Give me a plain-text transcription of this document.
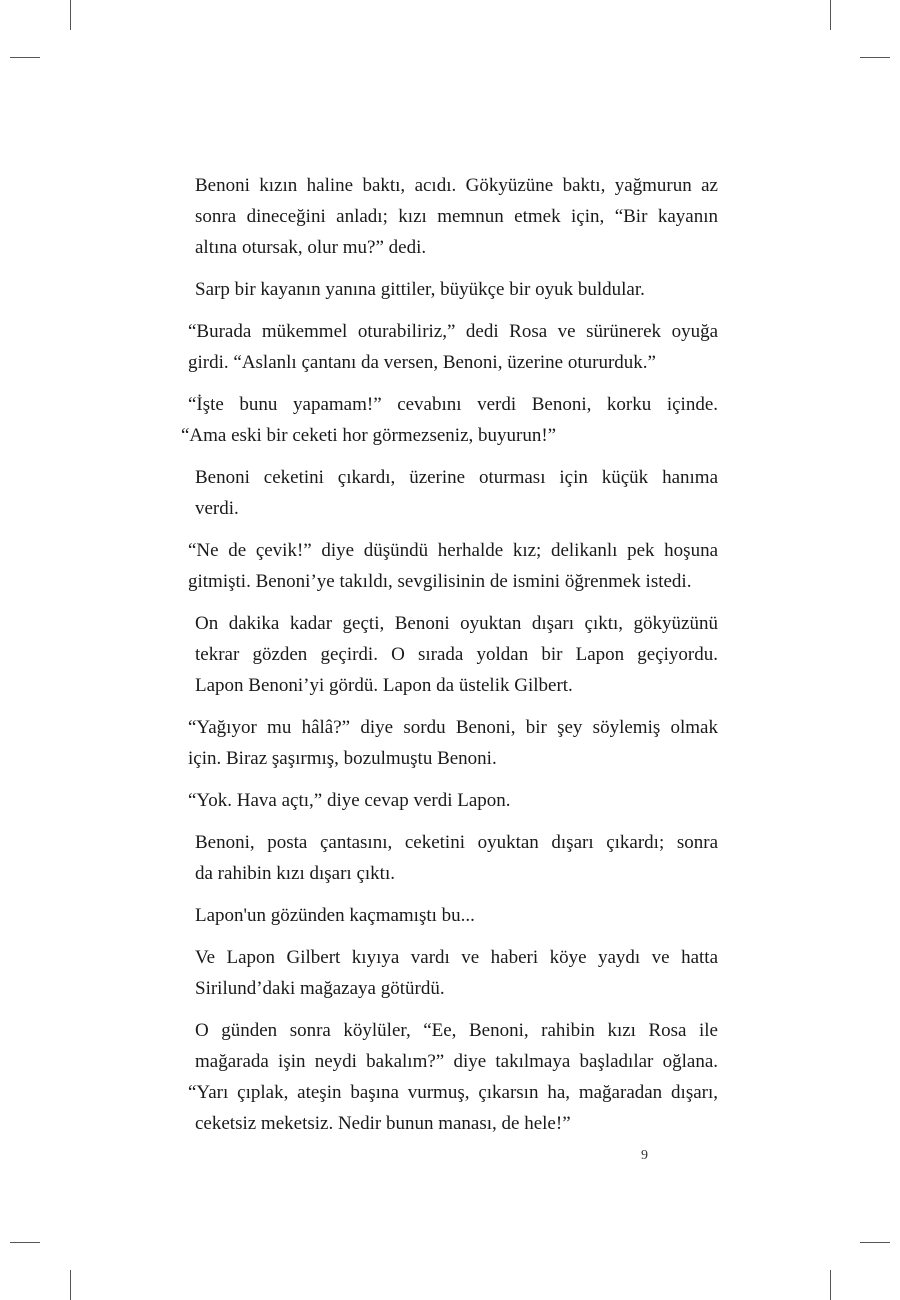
Benoni kızın haline baktı, acıdı. Gökyüzüne baktı, yağmurun az
sonra dineceğini anladı; kızı memnun etmek için, “Bir kayanın
altına otursak, olur mu?” dedi.

Sarp bir kayanın yanına gittiler, büyükçe bir oyuk buldular.

“Burada mükemmel oturabiliriz,” dedi Rosa ve sürünerek oyuğa
girdi. “Aslanlı çantanı da versen, Benoni, üzerine otururduk.”

“İşte bunu yapamam!” cevabını verdi Benoni, korku içinde.
“Ama eski bir ceketi hor görmezseniz, buyurun!”

Benoni ceketini çıkardı, üzerine oturması için küçük hanıma
verdi.

“Ne de çevik!” diye düşündü herhalde kız; delikanlı pek hoşuna
gitmişti. Benoni’ye takıldı, sevgilisinin de ismini öğrenmek istedi.

On dakika kadar geçti, Benoni oyuktan dışarı çıktı, gökyüzünü
tekrar gözden geçirdi. O sırada yoldan bir Lapon geçiyordu.
Lapon Benoni’yi gördü. Lapon da üstelik Gilbert.

“Yağıyor mu hâlâ?” diye sordu Benoni, bir şey söylemiş olmak
için. Biraz şaşırmış, bozulmuştu Benoni.

“Yok. Hava açtı,” diye cevap verdi Lapon.

Benoni, posta çantasını, ceketini oyuktan dışarı çıkardı; sonra
da rahibin kızı dışarı çıktı.

Lapon'un gözünden kaçmamıştı bu...

Ve Lapon Gilbert kıyıya vardı ve haberi köye yaydı ve hatta
Sirilund’daki mağazaya götürdü.

O günden sonra köylüler, “Ee, Benoni, rahibin kızı Rosa ile
mağarada işin neydi bakalım?” diye takılmaya başladılar oğlana.
“Yarı çıplak, ateşin başına vurmuş, çıkarsın ha, mağaradan dışarı,
ceketsiz meketsiz. Nedir bunun manası, de hele!”

9
